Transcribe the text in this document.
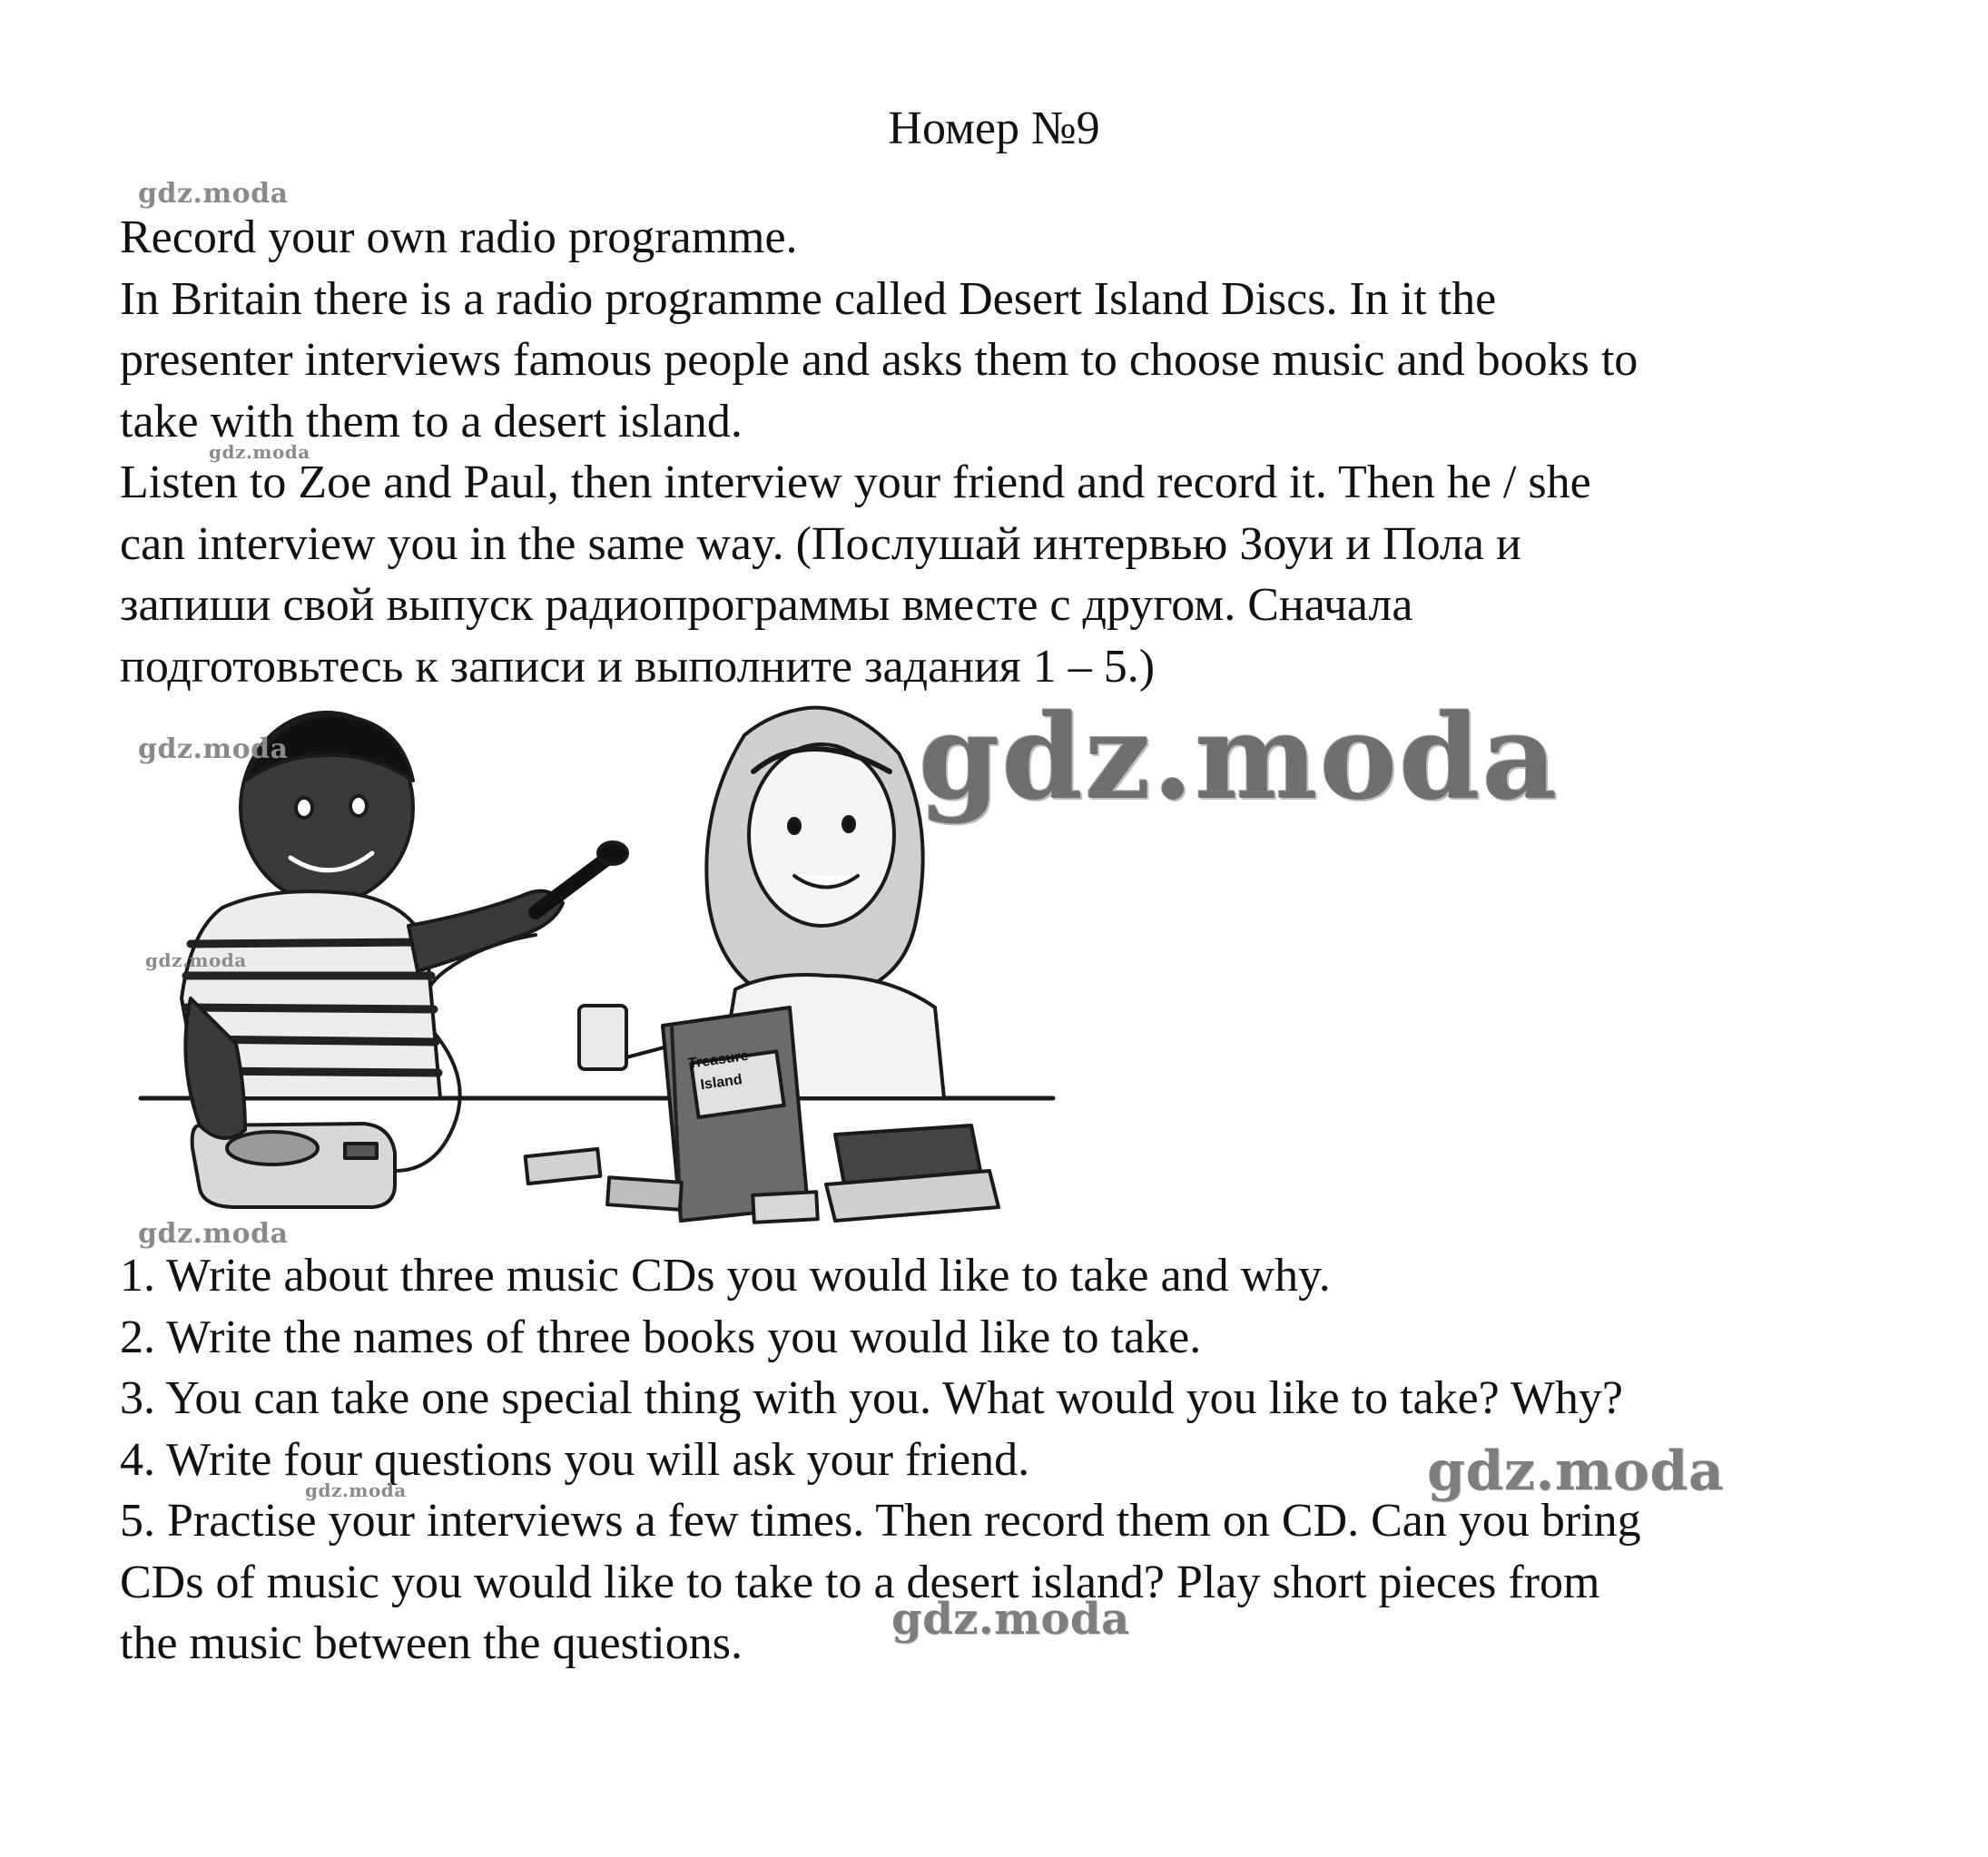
Номер №9
Record your own radio programme.
In Britain there is a radio programme called Desert Island Discs. In it the
presenter interviews famous people and asks them to choose music and books to
take with them to a desert island.
Listen to Zoe and Paul, then interview your friend and record it. Then he / she
can interview you in the same way. (Послушай интервью Зоуи и Пола и
запиши свой выпуск радиопрограммы вместе с другом. Сначала
подготовьтесь к записи и выполните задания 1 – 5.)
Treasure
Island
1. Write about three music CDs you would like to take and why.
2. Write the names of three books you would like to take.
3. You can take one special thing with you. What would you like to take? Why?
4. Write four questions you will ask your friend.
5. Practise your interviews a few times. Then record them on CD. Can you bring
CDs of music you would like to take to a desert island? Play short pieces from
the music between the questions.
gdz.moda
gdz.moda
gdz.moda	gdz.moda
gdz.moda
gdz.moda
gdz.moda
gdz.moda
gdz.moda
